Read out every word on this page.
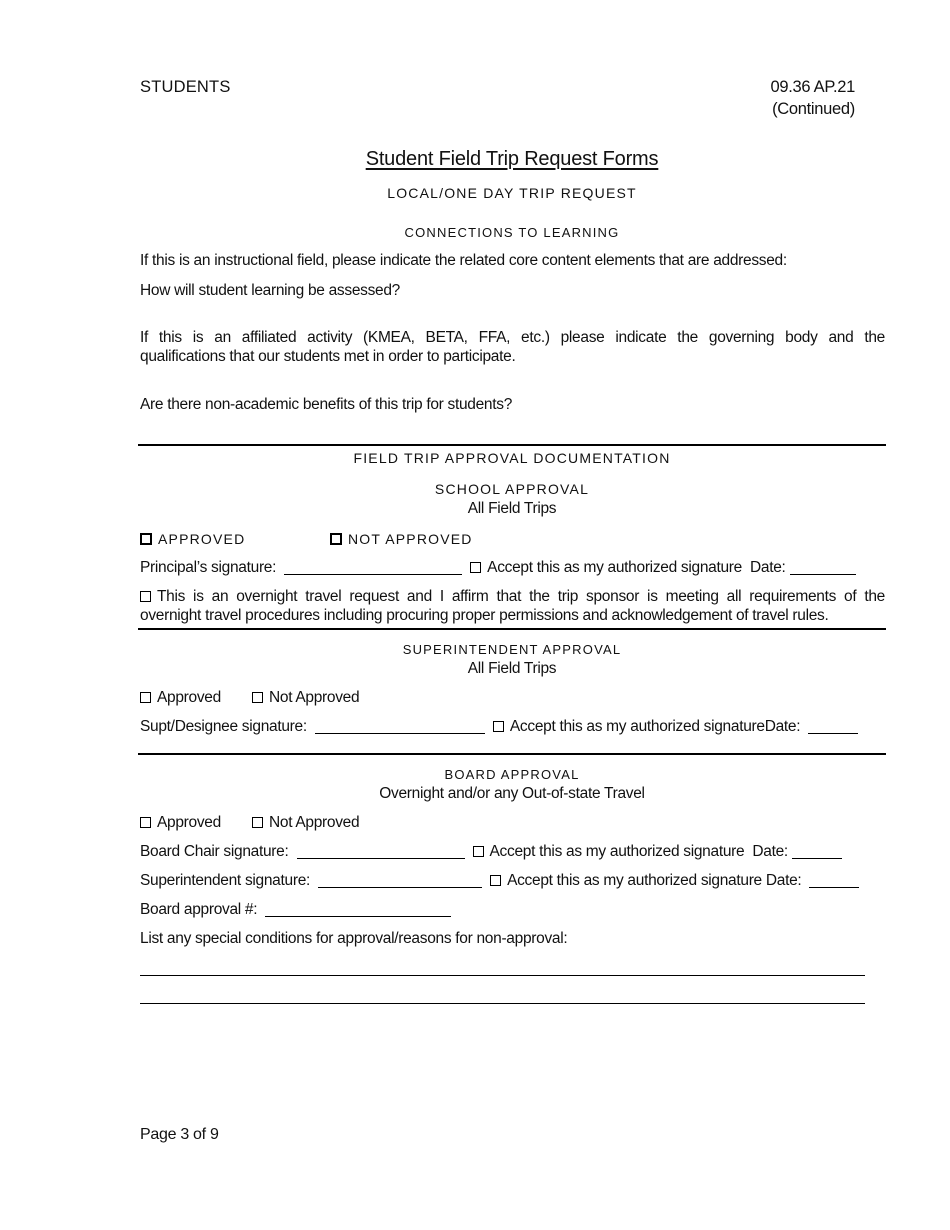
STUDENTS	09.36 AP.21
(Continued)
Student Field Trip Request Forms
LOCAL/ONE DAY TRIP REQUEST
CONNECTIONS TO LEARNING
If this is an instructional field, please indicate the related core content elements that are addressed:
How will student learning be assessed?
If this is an affiliated activity (KMEA, BETA, FFA, etc.) please indicate the governing body and the
qualifications that our students met in order to participate.
Are there non-academic benefits of this trip for students?
FIELD TRIP APPROVAL DOCUMENTATION
SCHOOL APPROVAL
All Field Trips
APPROVED	NOT APPROVED
Principal’s signature:	Accept this as my authorized signature Date:
This is an overnight travel request and I affirm that the trip sponsor is meeting all requirements of the
overnight travel procedures including procuring proper permissions and acknowledgement of travel rules.
SUPERINTENDENT APPROVAL
All Field Trips
Approved	Not Approved
Supt/Designee signature:	Accept this as my authorized signatureDate:
BOARD APPROVAL
Overnight and/or any Out-of-state Travel
Approved	Not Approved
Board Chair signature:	Accept this as my authorized signature Date:
Superintendent signature:	Accept this as my authorized signature Date:
Board approval #:
List any special conditions for approval/reasons for non-approval:
Page 3 of 9
